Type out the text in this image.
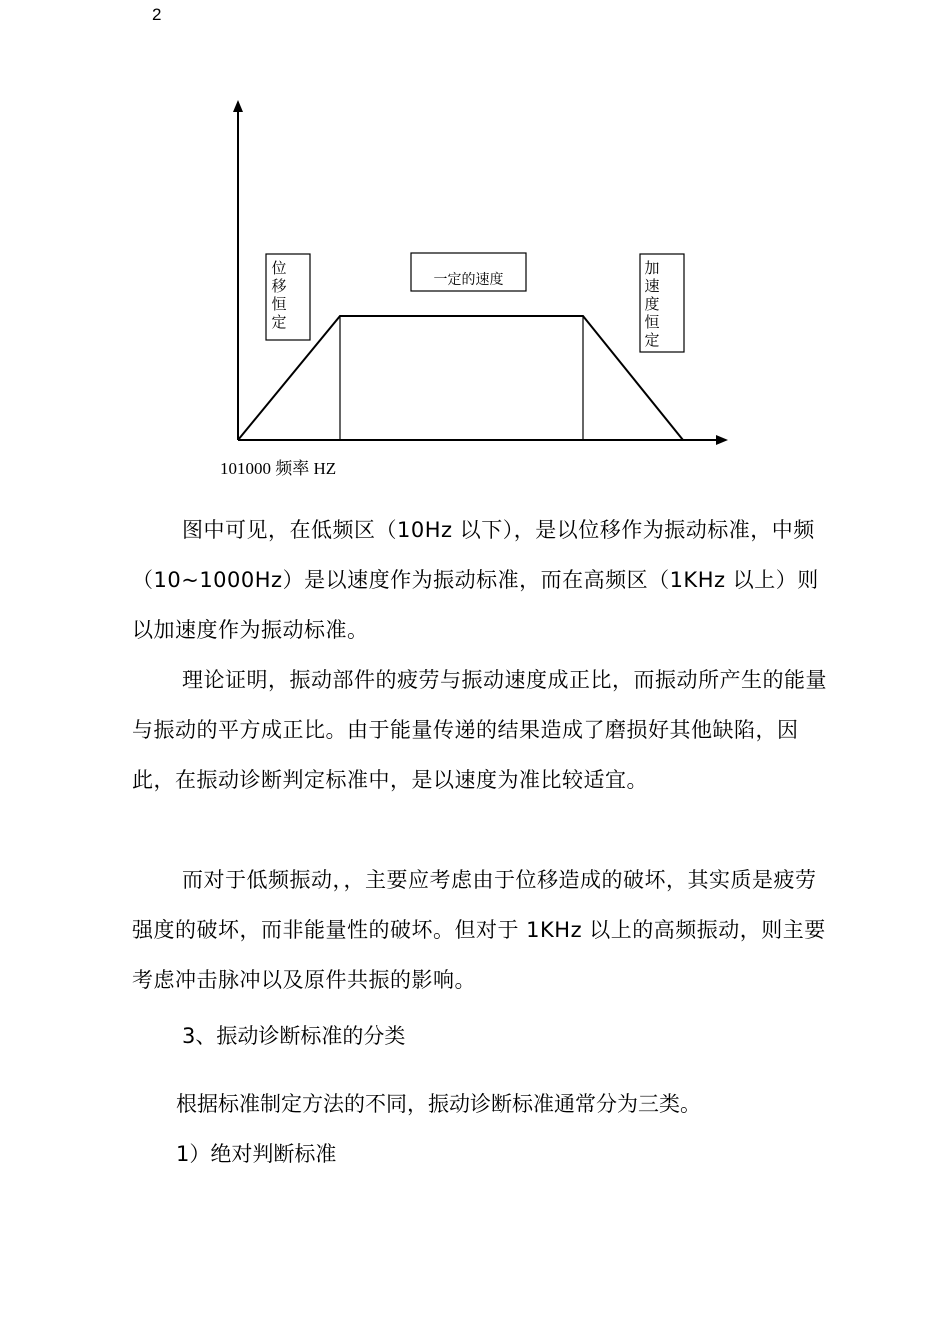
2
位
移
恒
定
一定的速度
加
速
度
恒
定
101000 频率 HZ

图中可见，在低频区（10Hz 以下），是以位移作为振动标准，中频（10~1000Hz）是以速度作为振动标准，而在高频区（1KHz 以上）则以加速度作为振动标准。

理论证明，振动部件的疲劳与振动速度成正比，而振动所产生的能量与振动的平方成正比。由于能量传递的结果造成了磨损好其他缺陷，因此，在振动诊断判定标准中，是以速度为准比较适宜。

而对于低频振动，，主要应考虑由于位移造成的破坏，其实质是疲劳强度的破坏，而非能量性的破坏。但对于 1KHz 以上的高频振动，则主要考虑冲击脉冲以及原件共振的影响。

3、振动诊断标准的分类

根据标准制定方法的不同，振动诊断标准通常分为三类。

1）绝对判断标准
